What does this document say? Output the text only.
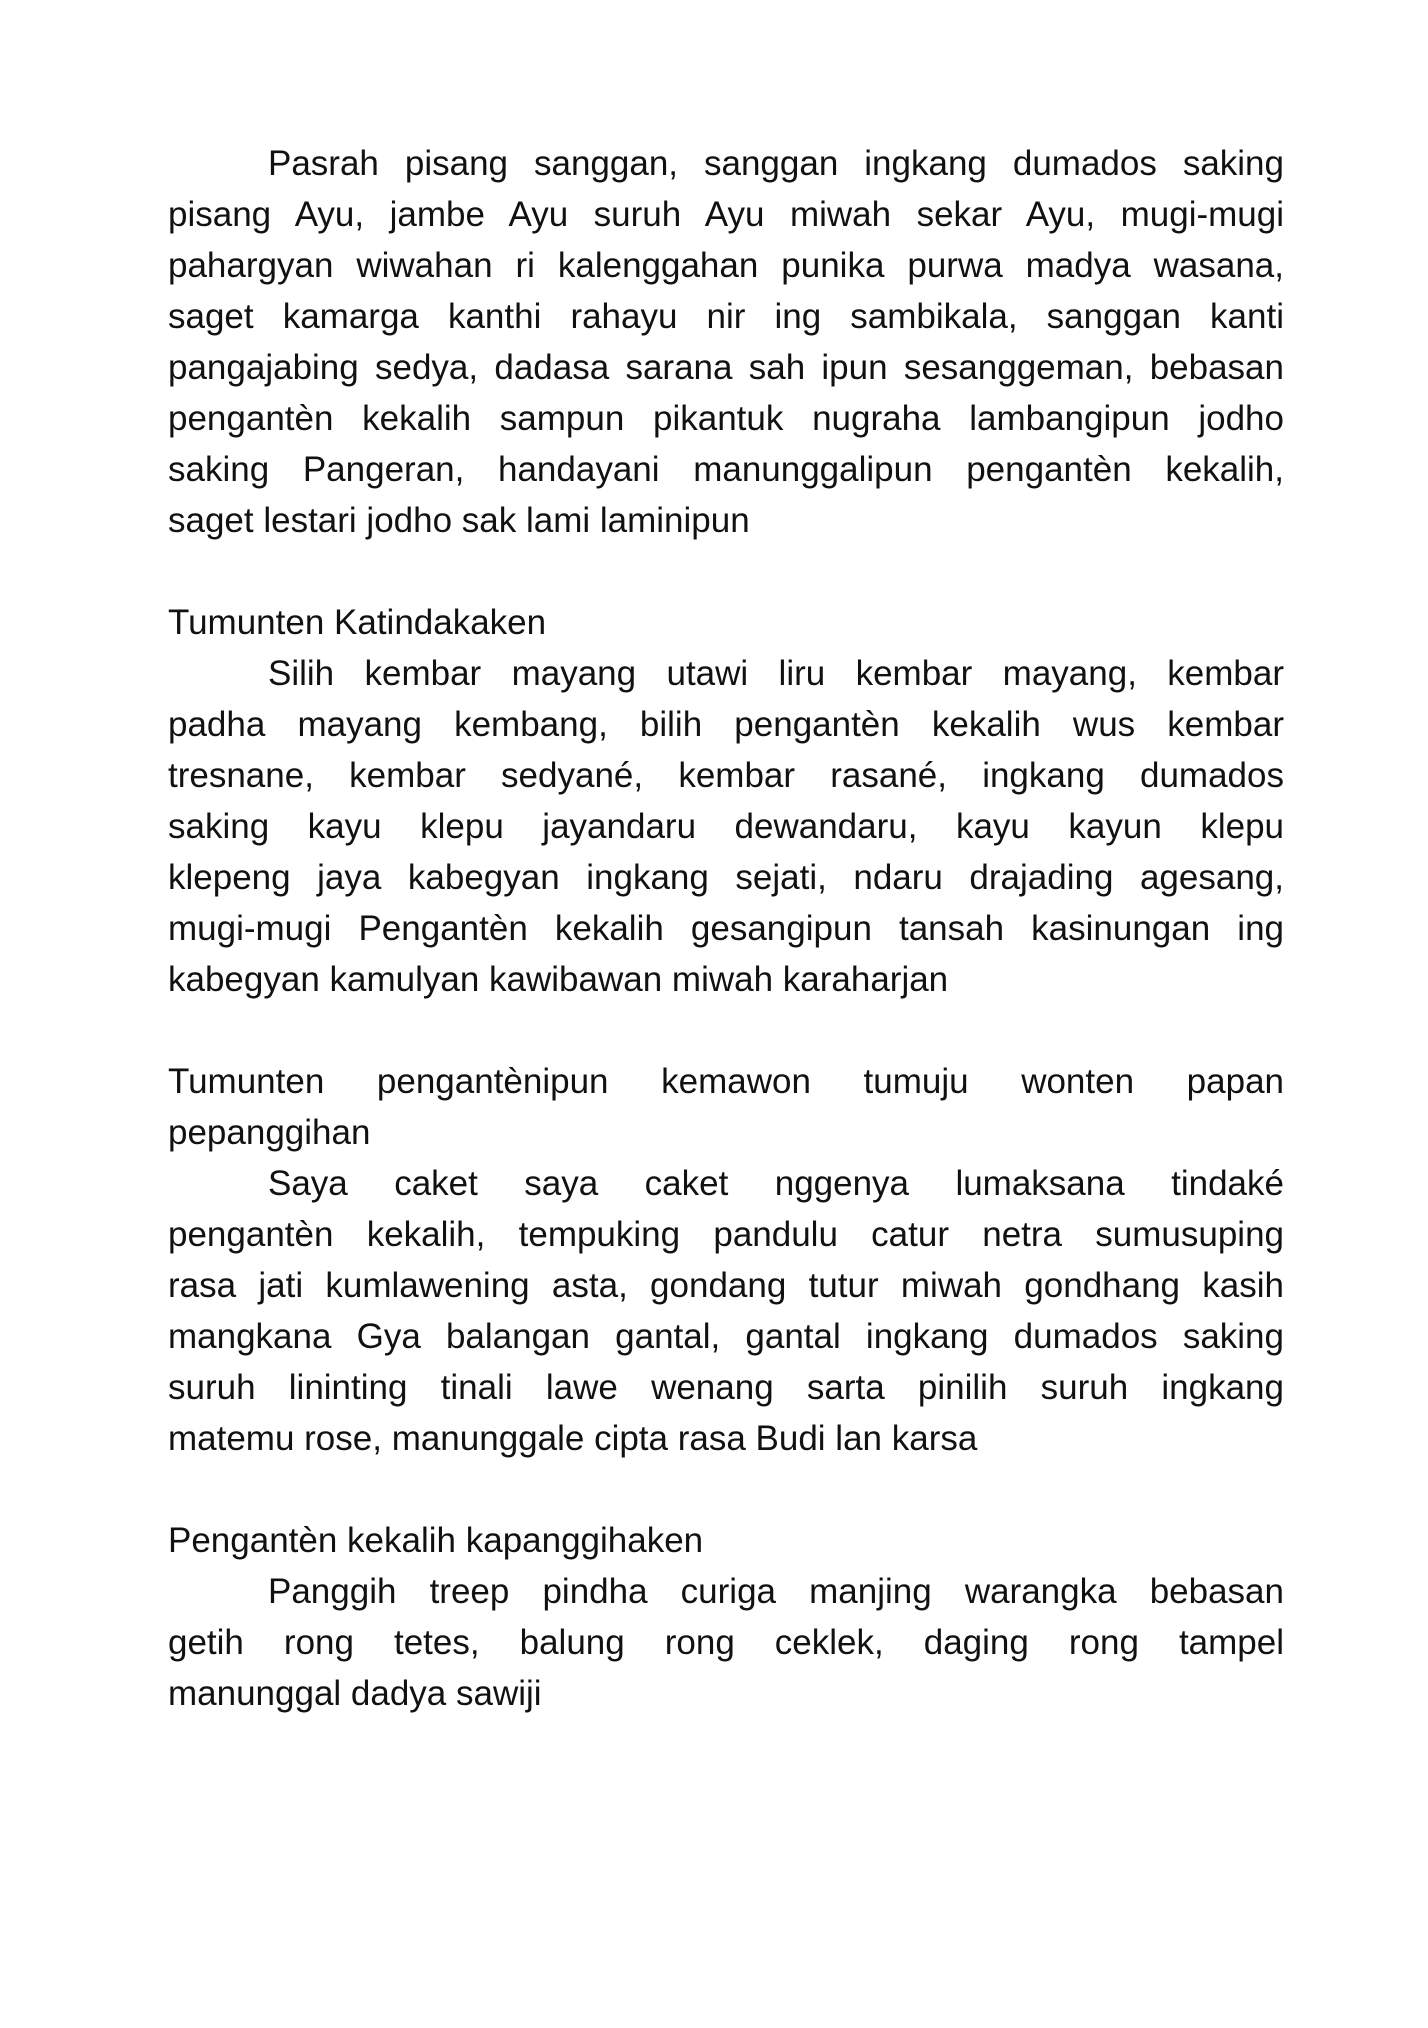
Pasrah pisang sanggan, sanggan ingkang dumados saking
pisang Ayu, jambe Ayu suruh Ayu miwah sekar Ayu, mugi-mugi
pahargyan wiwahan ri kalenggahan punika purwa madya wasana,
saget kamarga kanthi rahayu nir ing sambikala, sanggan kanti
pangajabing sedya, dadasa sarana sah ipun sesanggeman, bebasan
pengantèn kekalih sampun pikantuk nugraha lambangipun jodho
saking Pangeran, handayani manunggalipun pengantèn kekalih,
saget lestari jodho sak lami laminipun
Tumunten Katindakaken
Silih kembar mayang utawi liru kembar mayang, kembar
padha mayang kembang, bilih pengantèn kekalih wus kembar
tresnane, kembar sedyané, kembar rasané, ingkang dumados
saking kayu klepu jayandaru dewandaru, kayu kayun klepu
klepeng jaya kabegyan ingkang sejati, ndaru drajading agesang,
mugi-mugi Pengantèn kekalih gesangipun tansah kasinungan ing
kabegyan kamulyan kawibawan miwah karaharjan
Tumunten pengantènipun kemawon tumuju wonten papan
pepanggihan
Saya caket saya caket nggenya lumaksana tindaké
pengantèn kekalih, tempuking pandulu catur netra sumusuping
rasa jati kumlawening asta, gondang tutur miwah gondhang kasih
mangkana Gya balangan gantal, gantal ingkang dumados saking
suruh lininting tinali lawe wenang sarta pinilih suruh ingkang
matemu rose, manunggale cipta rasa Budi lan karsa
Pengantèn kekalih kapanggihaken
Panggih treep pindha curiga manjing warangka bebasan
getih rong tetes, balung rong ceklek, daging rong tampel
manunggal dadya sawiji
